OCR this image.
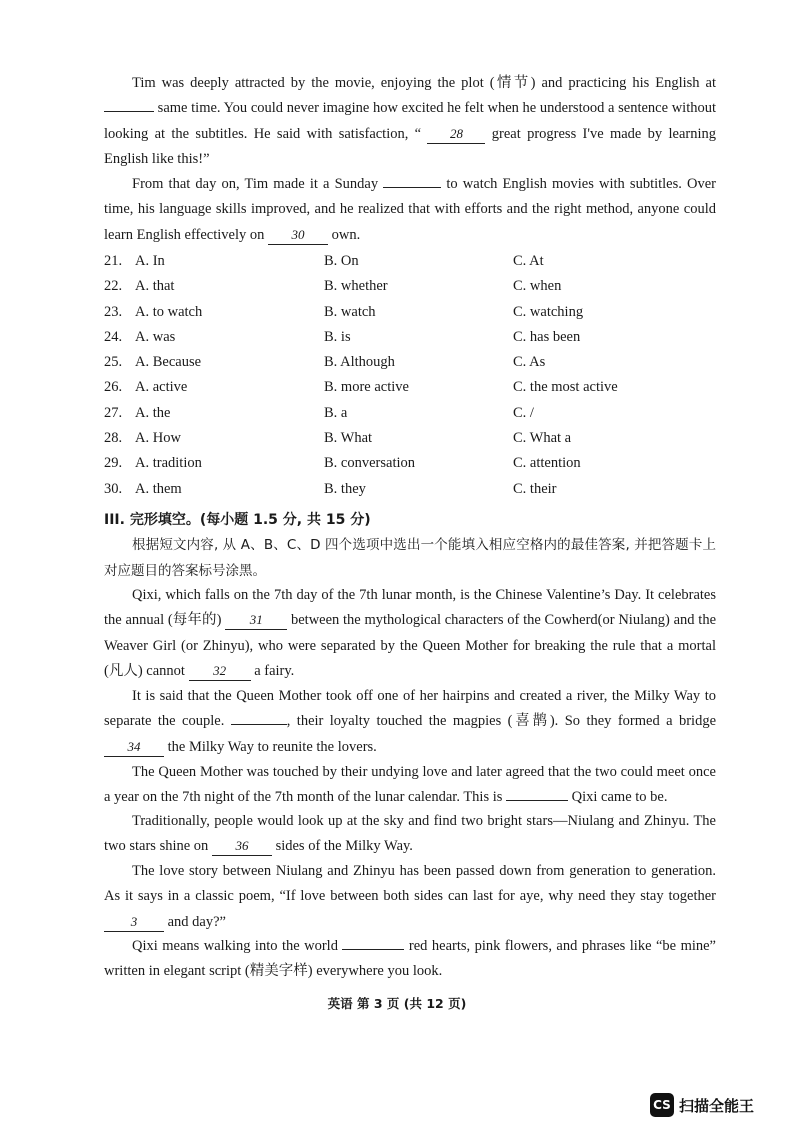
Tim was deeply attracted by the movie, enjoying the plot (情节) and practicing his English at  same time. You could never imagine how excited he felt when he understood a sentence without looking at the subtitles. He said with satisfaction, “ 28 great progress I've made by learning English like this!”

From that day on, Tim made it a Sunday	to watch English movies with subtitles. Over time, his language skills improved, and he realized that with efforts and the right method, anyone could learn English effectively on 30 own.

21. A. In	B. On	C. At
22. A. that	B. whether	C. when
23. A. to watch	B. watch	C. watching
24. A. was	B. is	C. has been
25. A. Because	B. Although	C. As
26. A. active	B. more active	C. the most active
27. A. the	B. a	C. /
28. A. How	B. What	C. What a
29. A. tradition	B. conversation	C. attention
30. A. them	B. they	C. their
III. 完形填空。(每小题 1.5 分, 共 15 分)

根据短文内容, 从 A、B、C、D 四个选项中选出一个能填入相应空格内的最佳答案, 并把答题卡上对应题目的答案标号涂黑。

Qixi, which falls on the 7th day of the 7th lunar month, is the Chinese Valentine’s Day. It celebrates the annual (每年的) 31 between the mythological characters of the Cowherd(or Niulang) and the Weaver Girl (or Zhinyu), who were separated by the Queen Mother for breaking the rule that a mortal (凡人) cannot 32 a fairy.

It is said that the Queen Mother took off one of her hairpins and created a river, the Milky Way to separate the couple.	, their loyalty touched the magpies (喜鹊). So they formed a bridge 34 the Milky Way to reunite the lovers.

The Queen Mother was touched by their undying love and later agreed that the two could meet once a year on the 7th night of the 7th month of the lunar calendar. This is	Qixi came to be.

Traditionally, people would look up at the sky and find two bright stars—Niulang and Zhinyu. The two stars shine on 36 sides of the Milky Way.

The love story between Niulang and Zhinyu has been passed down from generation to generation. As it says in a classic poem, “If love between both sides can last for aye, why need they stay together 3 and day?”

Qixi means walking into the world	red hearts, pink flowers, and phrases like “be mine” written in elegant script (精美字样) everywhere you look.

英语 第 3 页 (共 12 页)
CS 扫描全能王
